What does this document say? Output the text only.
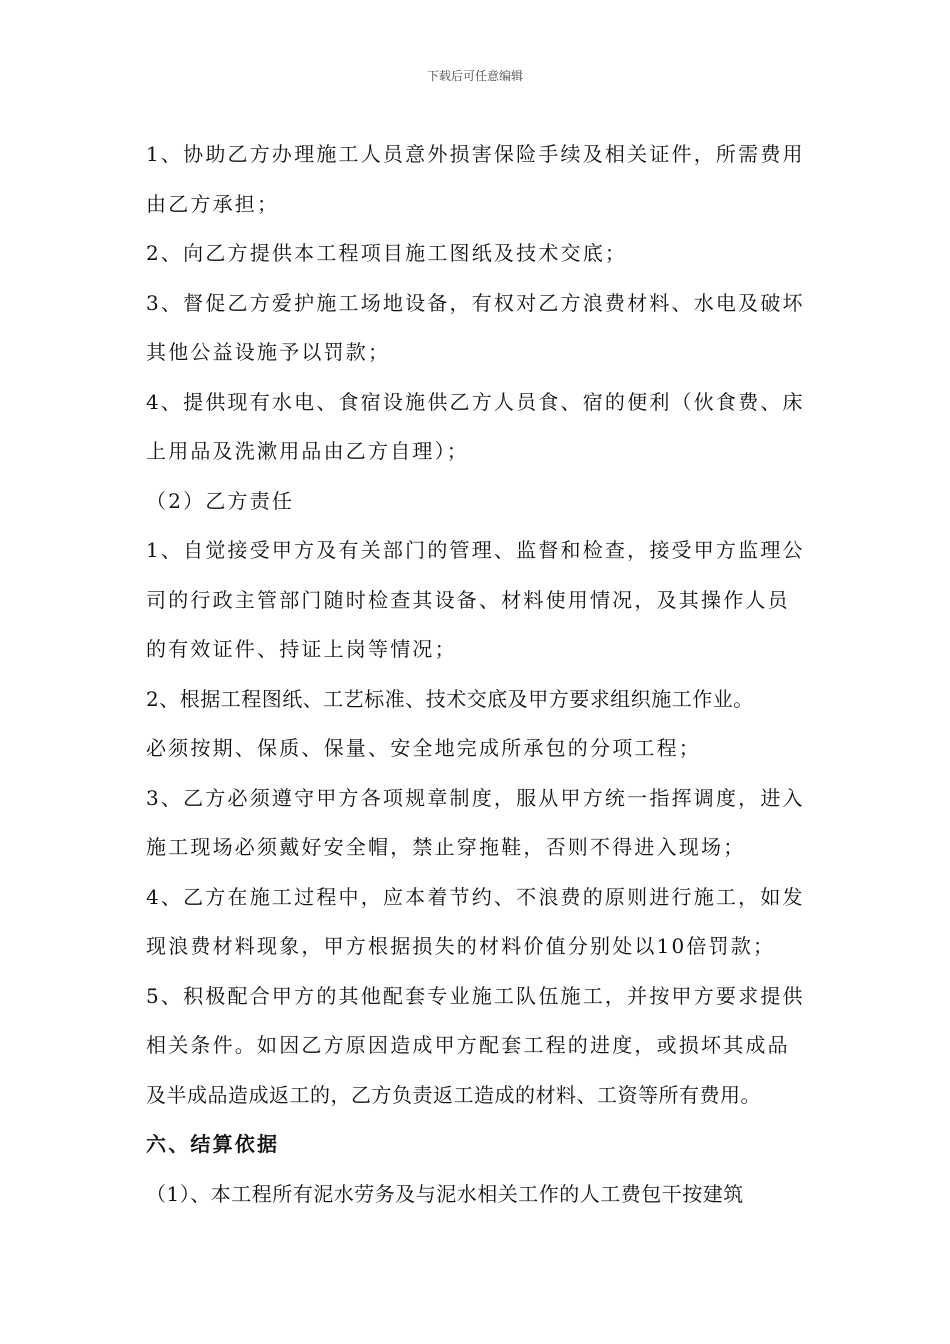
下载后可任意编辑
1、协助乙方办理施工人员意外损害保险手续及相关证件，所需费用
由乙方承担；
2、向乙方提供本工程项目施工图纸及技术交底；
3、督促乙方爱护施工场地设备，有权对乙方浪费材料、水电及破坏
其他公益设施予以罚款；
4、提供现有水电、食宿设施供乙方人员食、宿的便利（伙食费、床
上用品及洗漱用品由乙方自理）；
（2）乙方责任
1、自觉接受甲方及有关部门的管理、监督和检查，接受甲方监理公
司的行政主管部门随时检查其设备、材料使用情况，及其操作人员
的有效证件、持证上岗等情况；
2、根据工程图纸、工艺标准、技术交底及甲方要求组织施工作业。
必须按期、保质、保量、安全地完成所承包的分项工程；
3、乙方必须遵守甲方各项规章制度，服从甲方统一指挥调度，进入
施工现场必须戴好安全帽，禁止穿拖鞋，否则不得进入现场；
4、乙方在施工过程中，应本着节约、不浪费的原则进行施工，如发
现浪费材料现象，甲方根据损失的材料价值分别处以10倍罚款；
5、积极配合甲方的其他配套专业施工队伍施工，并按甲方要求提供
相关条件。如因乙方原因造成甲方配套工程的进度，或损坏其成品
及半成品造成返工的，乙方负责返工造成的材料、工资等所有费用。
六、结算依据
（1）、本工程所有泥水劳务及与泥水相关工作的人工费包干按建筑
